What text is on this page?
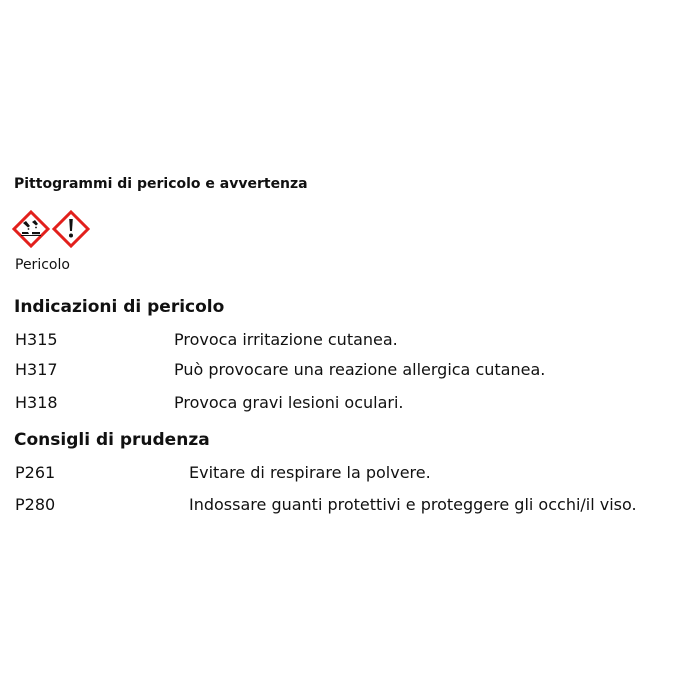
Pittogrammi di pericolo e avvertenza
Pericolo
Indicazioni di pericolo
H315	Provoca irritazione cutanea.
H317	Può provocare una reazione allergica cutanea.
H318	Provoca gravi lesioni oculari.
Consigli di prudenza
P261	Evitare di respirare la polvere.
P280	Indossare guanti protettivi e proteggere gli occhi/il viso.
